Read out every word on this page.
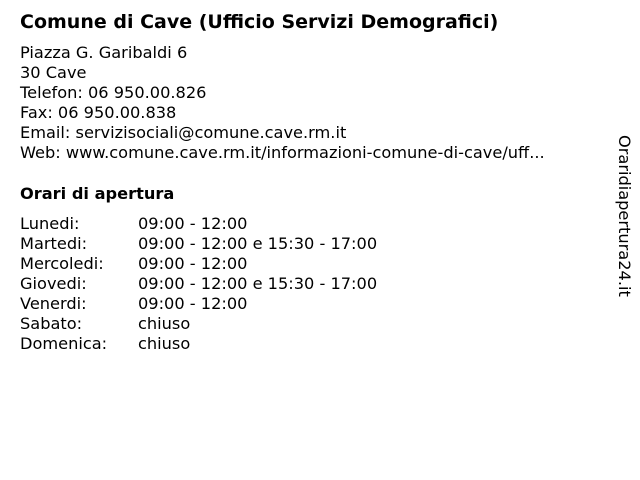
Comune di Cave (Ufficio Servizi Demografici)
Piazza G. Garibaldi 6
30 Cave
Telefon: 06 950.00.826
Fax: 06 950.00.838
Email: servizisociali@comune.cave.rm.it
Web: www.comune.cave.rm.it/informazioni-comune-di-cave/uff...
Orari di apertura
Lunedi:	09:00 - 12:00
Martedi:	09:00 - 12:00 e 15:30 - 17:00
Mercoledi: 09:00 - 12:00
Giovedi:	09:00 - 12:00 e 15:30 - 17:00
Venerdi:	09:00 - 12:00
Sabato:	chiuso
Domenica: chiuso
Oraridiapertura24.it
